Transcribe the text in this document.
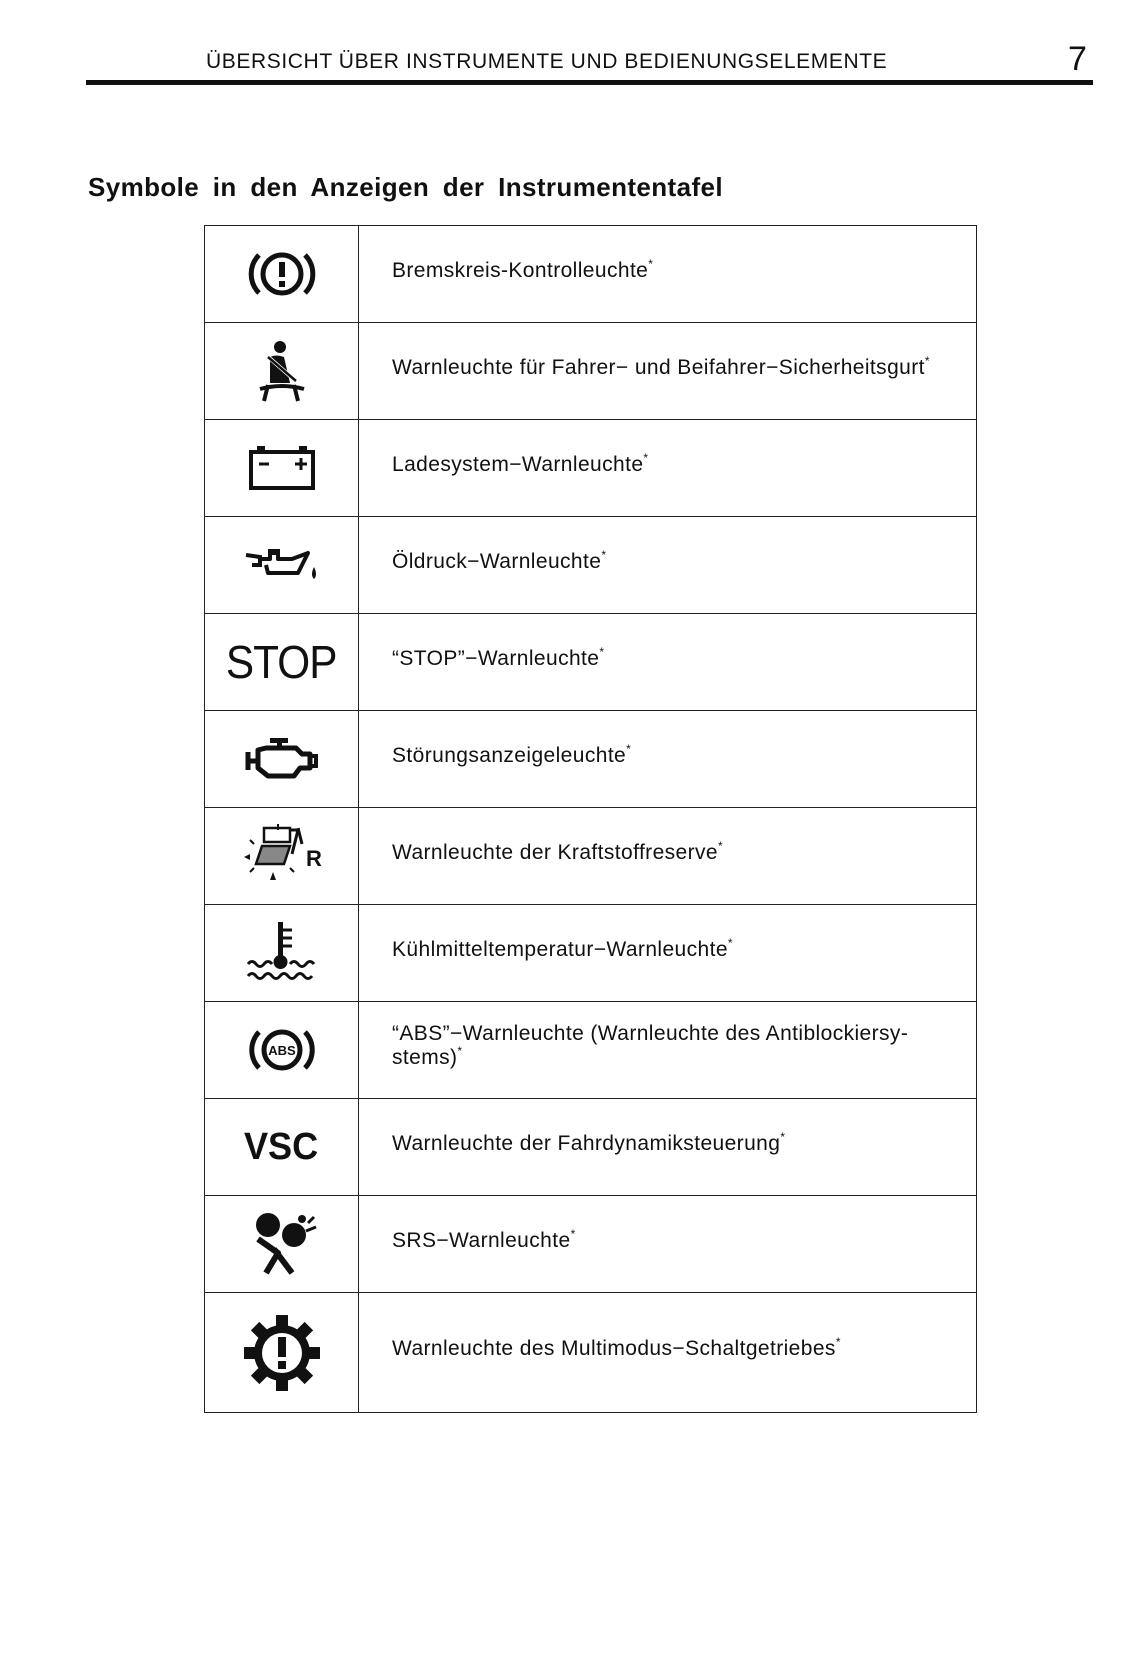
ÜBERSICHT ÜBER INSTRUMENTE UND BEDIENUNGSELEMENTE	7
Symbole in den Anzeigen der Instrumententafel
	Bremskreis-Kontrolleuchte*

	Warnleuchte für Fahrer− und Beifahrer−Sicherheitsgurt*

	Ladesystem−Warnleuchte*

	Öldruck−Warnleuchte*
STOP	“STOP”−Warnleuchte*

	Störungsanzeigeleuchte*

R	Warnleuchte der Kraftstoffreserve*

	Kühlmitteltemperatur−Warnleuchte*

ABS	“ABS”−Warnleuchte (Warnleuchte des Antiblockiersy-
stems)*
VSC	Warnleuchte der Fahrdynamiksteuerung*

	SRS−Warnleuchte*

	Warnleuchte des Multimodus−Schaltgetriebes*
